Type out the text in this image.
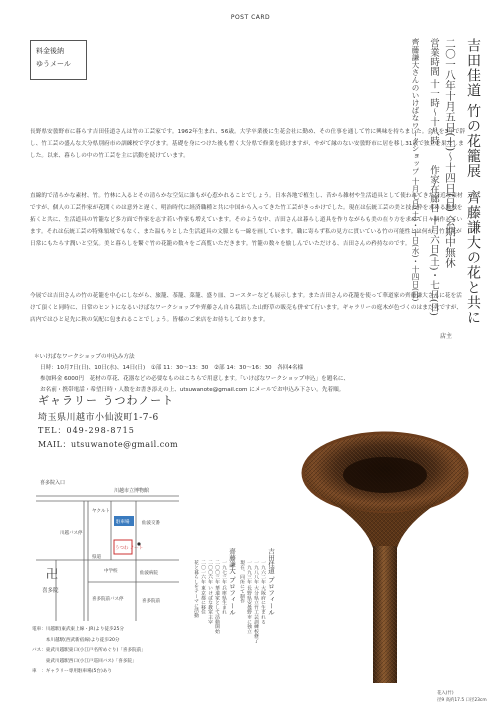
POST CARD
料金後納
ゆうメール	吉田佳道 竹の花籠展
齊藤謙大の花と共に
二〇一八年十月五日(土)〜十四日(日) 会期中無休
営業時間 十一時〜十八時
作家在廊日 十月六日(土)・七日(日)
齊藤謙大さんのいけばなワークショップ 十月七日(土)・十日(水)・十四日(日)

長野県安曇野市に暮らす吉田佳道さんは竹の工芸家です。1962年生まれ、56歳。大学卒業後に生花会社に勤め、その仕事を通して竹に興味を持ちました。会社を3年で辞し、竹工芸の盛んな大分県別府市の訓練校で学びます。基礎を身につけた後も暫く大分県で修業を続けますが、やがて縁のない安曇野市に居を移し31歳で独立を果たしました。以来、暮らしの中の竹工芸を主に活動を続けています。

直線的で清らかな素材、竹。竹林に入るとその清らかな空気に誰もが心惹かれることでしょう。日本各地で植生し、昔から雑材や生活道具として使われてきた身近な素材ですが、個人の工芸作家が花開くのは意外と遅く、明治時代に経済職種と共に中国から入ってきた竹工芸がきっかけでした。現在は伝統工芸の美と技の粋を求める職域を拓くと共に、生活道具の竹籠など多方面で作家を志す若い作家も増えています。そのような中、吉田さんは暮らし道具を作りながらも美の在り方を求めて日々制作しています。それは伝統工芸の特殊領域でもなく、また温もりとした生活道具の文脈とも一線を画しています。職に寄らず私の見方に貫いている竹の可能性とは何か。竹と花が日常にもたらす潤いと空気。美と暮らしを繋ぐ竹の花籠の数々をご高覧いただきます。竹籠の数々を愉しんでいただける、吉田さんの矜持なのです。

今展では吉田さんの竹の花籠を中心にしながら、旅籠、茶籠、菜籠、盛り皿、コースターなども展示します。また吉田さんの花籠を使って華道家の齊藤謙大さんに花を活けて頂くと同時に、日常のヒントになるいけばなワークショップや齊藤さん自ら栽培した山野草の販売も併せて行います。ギャラリーの庭木が色づくのはまだ先ですが、店内ではひと足先に秋の気配に包まれることでしょう。皆様のご来店をお待ちしております。

店主
＊いけばなワークショップの申込み方法
日時：10月7日(日)、10日(水)、14日(日)　①部 11：30〜13：30　②部 14：30〜16：30　各回4名様
参加料金 6000円　花材の草花、花器などの必要なものはこちらで用意します。「いけばなワークショップ申込」を題名に、
お名前・携帯電話・希望日時・人数をお書き添えの上、utsuwanote@gmail.com にメールでお申込み下さい。先着順。
ギャラリー うつわノート
埼玉県川越市小仙波町1-7-6
TEL：049-298-8715
MAIL：utsuwanote@gmail.com
喜多院入口
川越市立博物館
ヤクルト
駐車場	仙波交番
川越バス停
うつわ ノート
卍
喜多院
中学校	仙波病院
喜多院前
喜多院前バス停
県道
電車：川越駅(東武東上線・JR)より徒歩25分
　　　本川越駅(西武新宿線)より徒歩20分
バス：東武川越駅東口(小江戸名所めぐり)「喜多院前」
　　　東武川越駅西口(小江戸巡回バス)「喜多院」
車　：ギャラリー専用駐車場(5台)あり
吉田佳道 プロフィール
一九六二年 大阪府に生まれる
一九八八年 大分県立竹工芸訓練校修了
一九九三年 長野県安曇野市に独立
現在、同所にて制作
齊藤謙大 プロフィール
一九七三年 兵庫県生まれ
二〇〇三年 華道家として活動開始
二〇〇六年 いけばな教室主宰
二〇一六年 東京都に移住
花と暮らしをテーマに活動
花入(竹)
径9 高約17.5 口径23cm
